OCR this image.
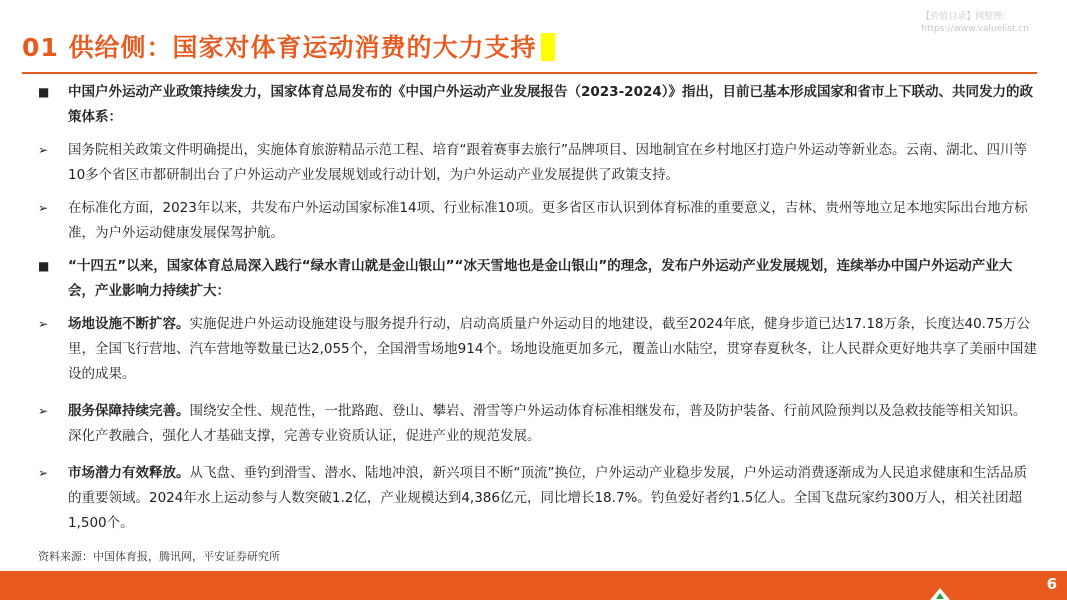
01 供给侧：国家对体育运动消费的大力支持
【价值目录】网整理：
https://www.valuelist.cn
■ 中国户外运动产业政策持续发力，国家体育总局发布的《中国户外运动产业发展报告（2023-2024）》指出，目前已基本形成国家和省市上下联动、共同发力的政策体系：
➢ 国务院相关政策文件明确提出，实施体育旅游精品示范工程、培育“跟着赛事去旅行”品牌项目、因地制宜在乡村地区打造户外运动等新业态。云南、湖北、四川等10多个省区市都研制出台了户外运动产业发展规划或行动计划，为户外运动产业发展提供了政策支持。
➢ 在标准化方面，2023年以来，共发布户外运动国家标准14项、行业标准10项。更多省区市认识到体育标准的重要意义，吉林、贵州等地立足本地实际出台地方标准，为户外运动健康发展保驾护航。
■ “十四五”以来，国家体育总局深入践行“绿水青山就是金山银山”“冰天雪地也是金山银山”的理念，发布户外运动产业发展规划，连续举办中国户外运动产业大会，产业影响力持续扩大：
➢ 场地设施不断扩容。实施促进户外运动设施建设与服务提升行动，启动高质量户外运动目的地建设，截至2024年底，健身步道已达17.18万条，长度达40.75万公里，全国飞行营地、汽车营地等数量已达2,055个，全国滑雪场地914个。场地设施更加多元，覆盖山水陆空，贯穿春夏秋冬，让人民群众更好地共享了美丽中国建设的成果。
➢ 服务保障持续完善。围绕安全性、规范性，一批路跑、登山、攀岩、滑雪等户外运动体育标准相继发布，普及防护装备、行前风险预判以及急救技能等相关知识。深化产教融合，强化人才基础支撑，完善专业资质认证，促进产业的规范发展。
➢ 市场潜力有效释放。从飞盘、垂钓到滑雪、潜水、陆地冲浪，新兴项目不断“顶流”换位，户外运动产业稳步发展，户外运动消费逐渐成为人民追求健康和生活品质的重要领域。2024年水上运动参与人数突破1.2亿，产业规模达到4,386亿元，同比增长18.7%。钓鱼爱好者约1.5亿人。全国飞盘玩家约300万人，相关社团超1,500个。
资料来源：中国体育报，腾讯网，平安证券研究所
6
